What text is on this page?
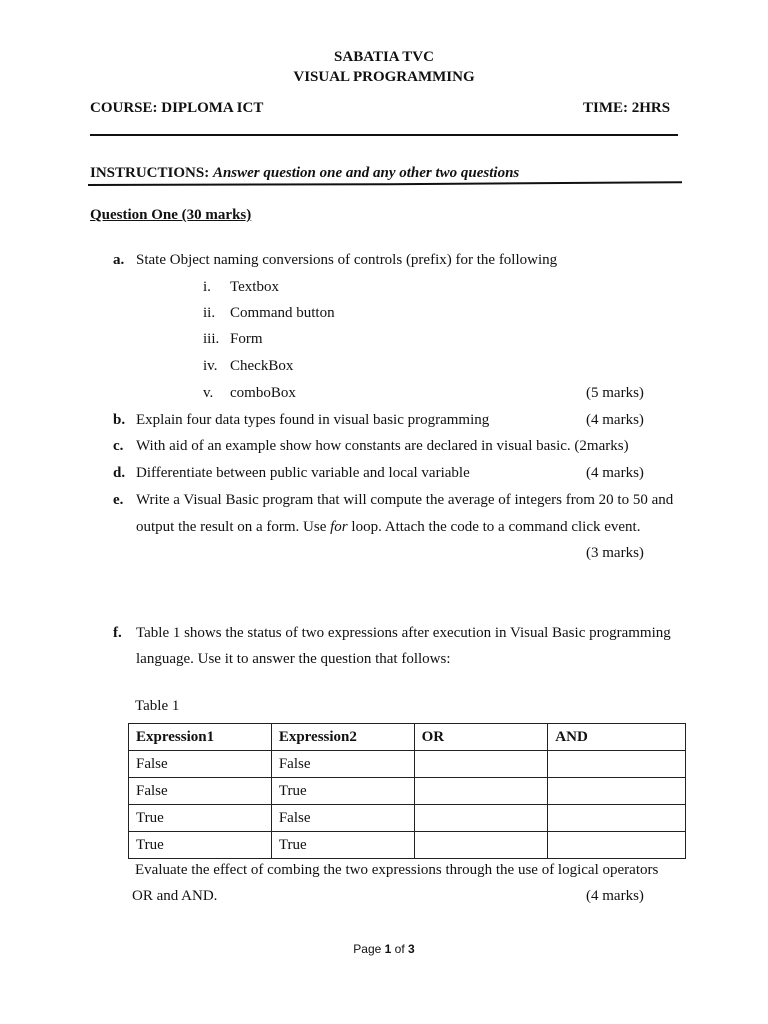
SABATIA TVC
VISUAL PROGRAMMING
COURSE: DIPLOMA ICT	TIME: 2HRS
INSTRUCTIONS: Answer question one and any other two questions
Question One (30 marks)
a. State Object naming conversions of controls (prefix) for the following
i.	Textbox
ii. Command button
iii. Form
iv. CheckBox
v.	comboBox	(5 marks)
b. Explain four data types found in visual basic programming	(4 marks)
c. With aid of an example show how constants are declared in visual basic. (2marks)
d. Differentiate between public variable and local variable	(4 marks)
e. Write a Visual Basic program that will compute the average of integers from 20 to 50 and
output the result on a form. Use for loop. Attach the code to a command click event.
(3 marks)
f. Table 1 shows the status of two expressions after execution in Visual Basic programming
language. Use it to answer the question that follows:
Table 1
Expression1	Expression2	OR	AND
False	False		
False	True		
True	False		
True	True		
Evaluate the effect of combing the two expressions through the use of logical operators
OR and AND.	(4 marks)
Page 1 of 3
